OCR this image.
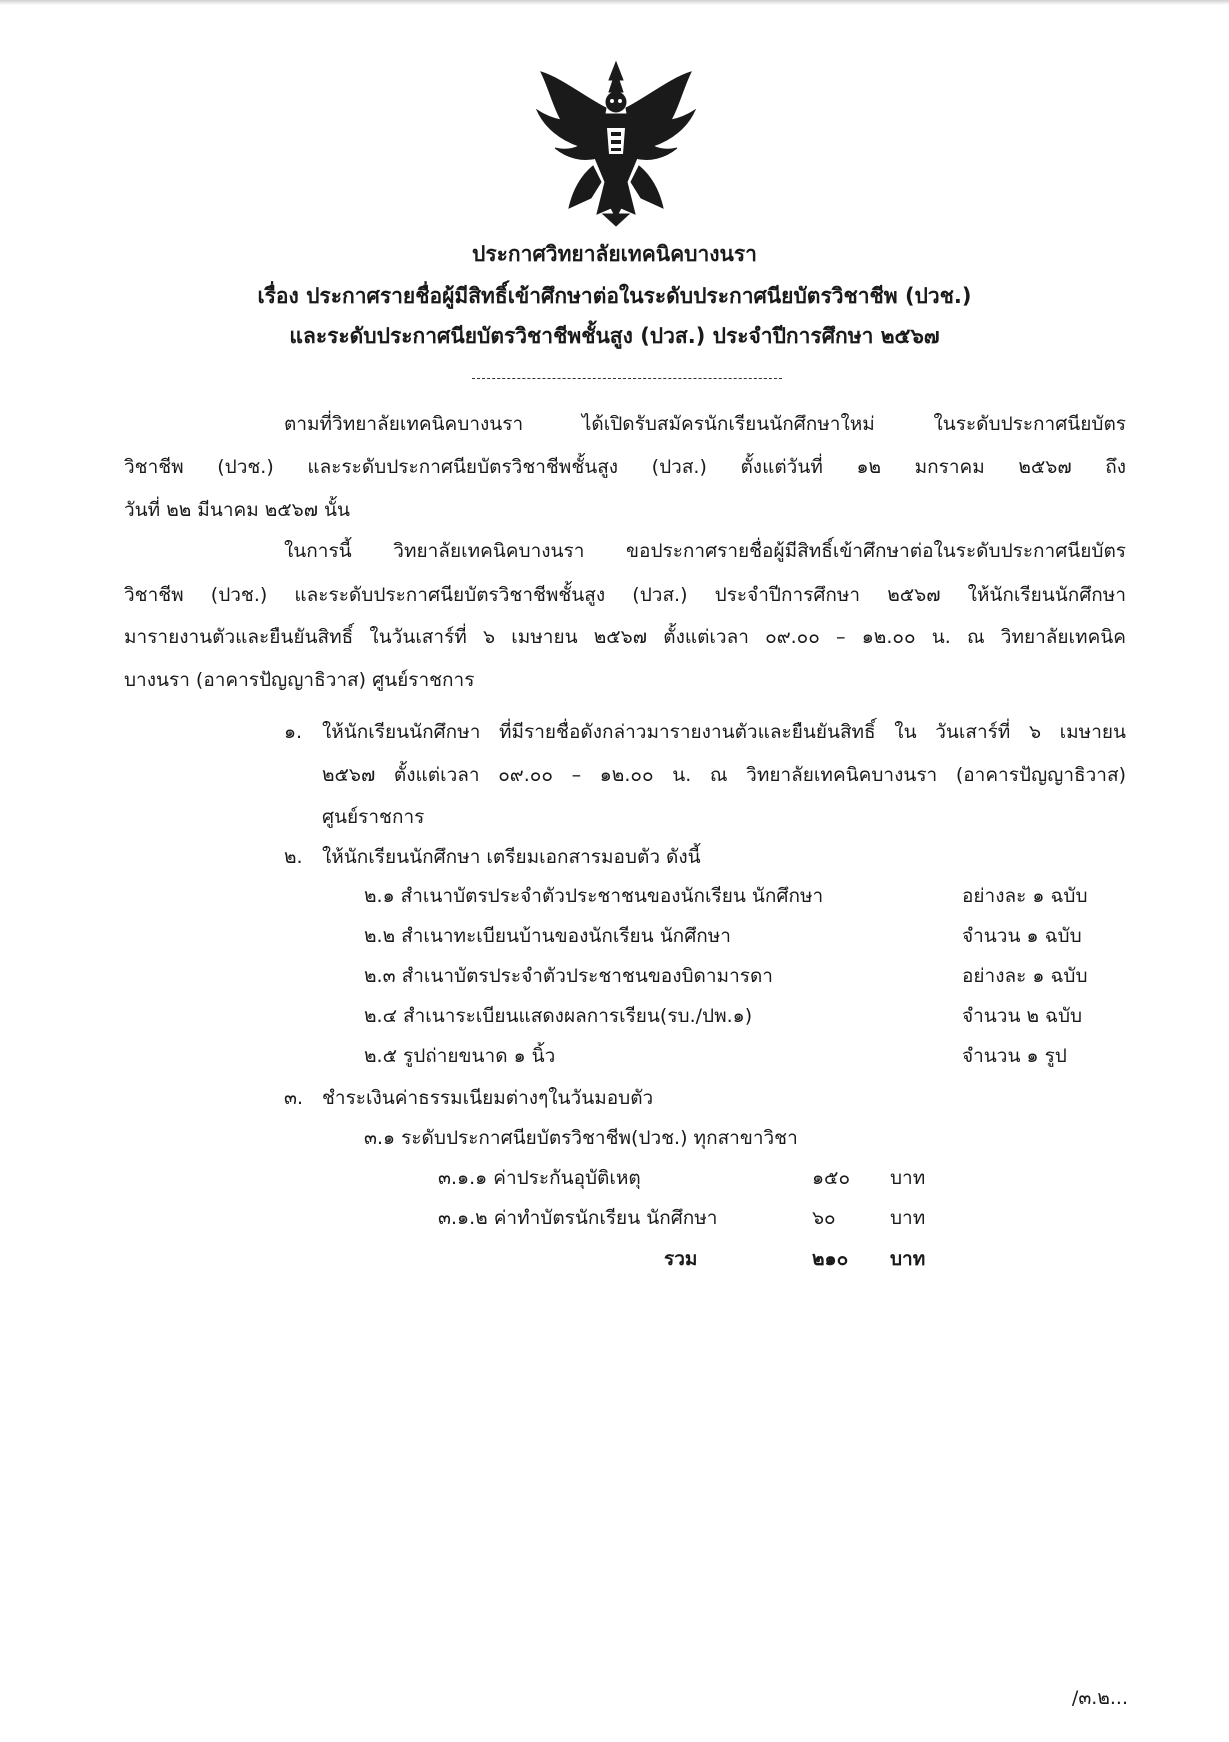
ประกาศวิทยาลัยเทคนิคบางนรา
เรื่อง ประกาศรายชื่อผู้มีสิทธิ์เข้าศึกษาต่อในระดับประกาศนียบัตรวิชาชีพ (ปวช.)
และระดับประกาศนียบัตรวิชาชีพชั้นสูง (ปวส.) ประจำปีการศึกษา ๒๕๖๗
ตามที่วิทยาลัยเทคนิคบางนรา ได้เปิดรับสมัครนักเรียนนักศึกษาใหม่ ในระดับประกาศนียบัตร
วิชาชีพ (ปวช.) และระดับประกาศนียบัตรวิชาชีพชั้นสูง (ปวส.) ตั้งแต่วันที่ ๑๒ มกราคม ๒๕๖๗ ถึง
วันที่ ๒๒ มีนาคม ๒๕๖๗ นั้น
ในการนี้ วิทยาลัยเทคนิคบางนรา ขอประกาศรายชื่อผู้มีสิทธิ์เข้าศึกษาต่อในระดับประกาศนียบัตร
วิชาชีพ (ปวช.) และระดับประกาศนียบัตรวิชาชีพชั้นสูง (ปวส.) ประจำปีการศึกษา ๒๕๖๗ ให้นักเรียนนักศึกษา
มารายงานตัวและยืนยันสิทธิ์ ในวันเสาร์ที่ ๖ เมษายน ๒๕๖๗ ตั้งแต่เวลา ๐๙.๐๐ – ๑๒.๐๐ น. ณ วิทยาลัยเทคนิค
บางนรา (อาคารปัญญาธิวาส) ศูนย์ราชการ
๑. ให้นักเรียนนักศึกษา ที่มีรายชื่อดังกล่าวมารายงานตัวและยืนยันสิทธิ์ ใน วันเสาร์ที่ ๖ เมษายน
๒๕๖๗ ตั้งแต่เวลา ๐๙.๐๐ – ๑๒.๐๐ น. ณ วิทยาลัยเทคนิคบางนรา (อาคารปัญญาธิวาส)
ศูนย์ราชการ
๒. ให้นักเรียนนักศึกษา เตรียมเอกสารมอบตัว ดังนี้
๒.๑ สำเนาบัตรประจำตัวประชาชนของนักเรียน นักศึกษา	อย่างละ ๑ ฉบับ
๒.๒ สำเนาทะเบียนบ้านของนักเรียน นักศึกษา	จำนวน ๑ ฉบับ
๒.๓ สำเนาบัตรประจำตัวประชาชนของบิดามารดา	อย่างละ ๑ ฉบับ
๒.๔ สำเนาระเบียนแสดงผลการเรียน(รบ./ปพ.๑)	จำนวน ๒ ฉบับ
๒.๕ รูปถ่ายขนาด ๑ นิ้ว	จำนวน ๑ รูป
๓. ชำระเงินค่าธรรมเนียมต่างๆในวันมอบตัว
๓.๑ ระดับประกาศนียบัตรวิชาชีพ(ปวช.) ทุกสาขาวิชา
๓.๑.๑ ค่าประกันอุบัติเหตุ	๑๕๐ บาท
๓.๑.๒ ค่าทำบัตรนักเรียน นักศึกษา	๖๐	บาท
รวม	๒๑๐ บาท
/๓.๒...
